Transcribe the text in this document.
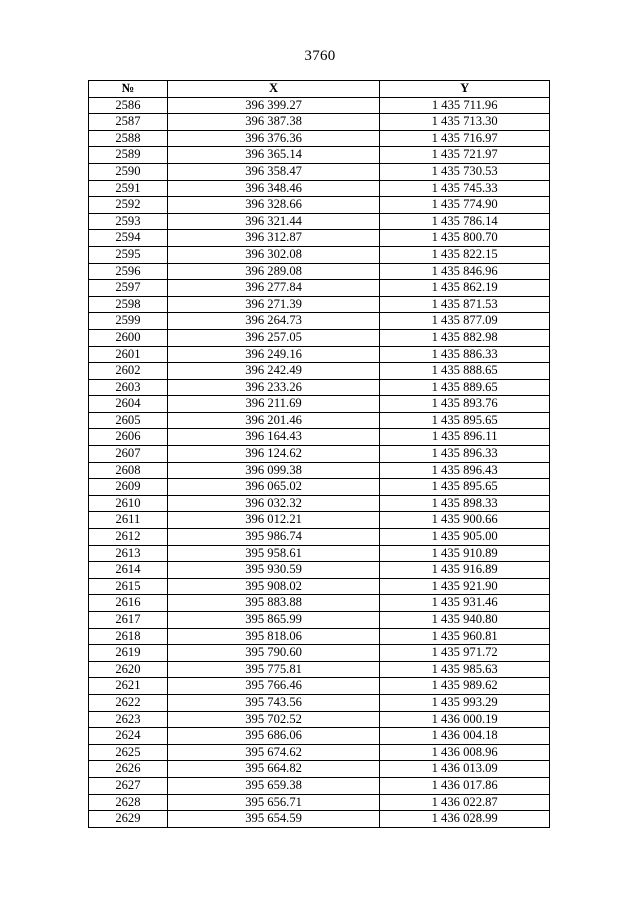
3760
№	X	Y
2586	396 399.27	1 435 711.96
2587	396 387.38	1 435 713.30
2588	396 376.36	1 435 716.97
2589	396 365.14	1 435 721.97
2590	396 358.47	1 435 730.53
2591	396 348.46	1 435 745.33
2592	396 328.66	1 435 774.90
2593	396 321.44	1 435 786.14
2594	396 312.87	1 435 800.70
2595	396 302.08	1 435 822.15
2596	396 289.08	1 435 846.96
2597	396 277.84	1 435 862.19
2598	396 271.39	1 435 871.53
2599	396 264.73	1 435 877.09
2600	396 257.05	1 435 882.98
2601	396 249.16	1 435 886.33
2602	396 242.49	1 435 888.65
2603	396 233.26	1 435 889.65
2604	396 211.69	1 435 893.76
2605	396 201.46	1 435 895.65
2606	396 164.43	1 435 896.11
2607	396 124.62	1 435 896.33
2608	396 099.38	1 435 896.43
2609	396 065.02	1 435 895.65
2610	396 032.32	1 435 898.33
2611	396 012.21	1 435 900.66
2612	395 986.74	1 435 905.00
2613	395 958.61	1 435 910.89
2614	395 930.59	1 435 916.89
2615	395 908.02	1 435 921.90
2616	395 883.88	1 435 931.46
2617	395 865.99	1 435 940.80
2618	395 818.06	1 435 960.81
2619	395 790.60	1 435 971.72
2620	395 775.81	1 435 985.63
2621	395 766.46	1 435 989.62
2622	395 743.56	1 435 993.29
2623	395 702.52	1 436 000.19
2624	395 686.06	1 436 004.18
2625	395 674.62	1 436 008.96
2626	395 664.82	1 436 013.09
2627	395 659.38	1 436 017.86
2628	395 656.71	1 436 022.87
2629	395 654.59	1 436 028.99
